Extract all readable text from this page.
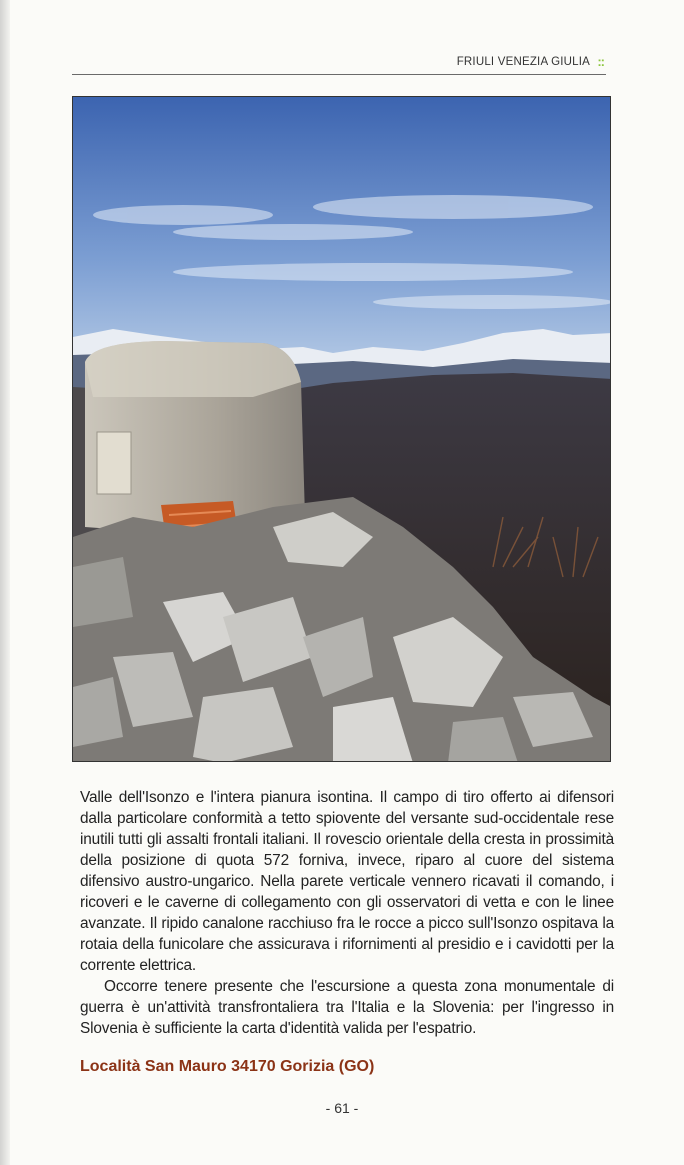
FRIULI VENEZIA GIULIA ::

Valle dell'Isonzo e l'intera pianura isontina. Il campo di tiro offerto ai difensori dalla particolare conformità a tetto spiovente del versante sud-occidentale rese inutili tutti gli assalti frontali italiani. Il rovescio orientale della cresta in prossimità della posizione di quota 572 forniva, invece, riparo al cuore del sistema difensivo austro-ungarico. Nella parete verticale vennero ricavati il comando, i ricoveri e le caverne di collegamento con gli osservatori di vetta e con le linee avanzate. Il ripido canalone racchiuso fra le rocce a picco sull'Isonzo ospitava la rotaia della funicolare che assicurava i rifornimenti al presidio e i cavidotti per la corrente elettrica.

Occorre tenere presente che l'escursione a questa zona monumentale di guerra è un'attività transfrontaliera tra l'Italia e la Slovenia: per l'ingresso in Slovenia è sufficiente la carta d'identità valida per l'espatrio.

Località San Mauro 34170 Gorizia (GO)
- 61 -
